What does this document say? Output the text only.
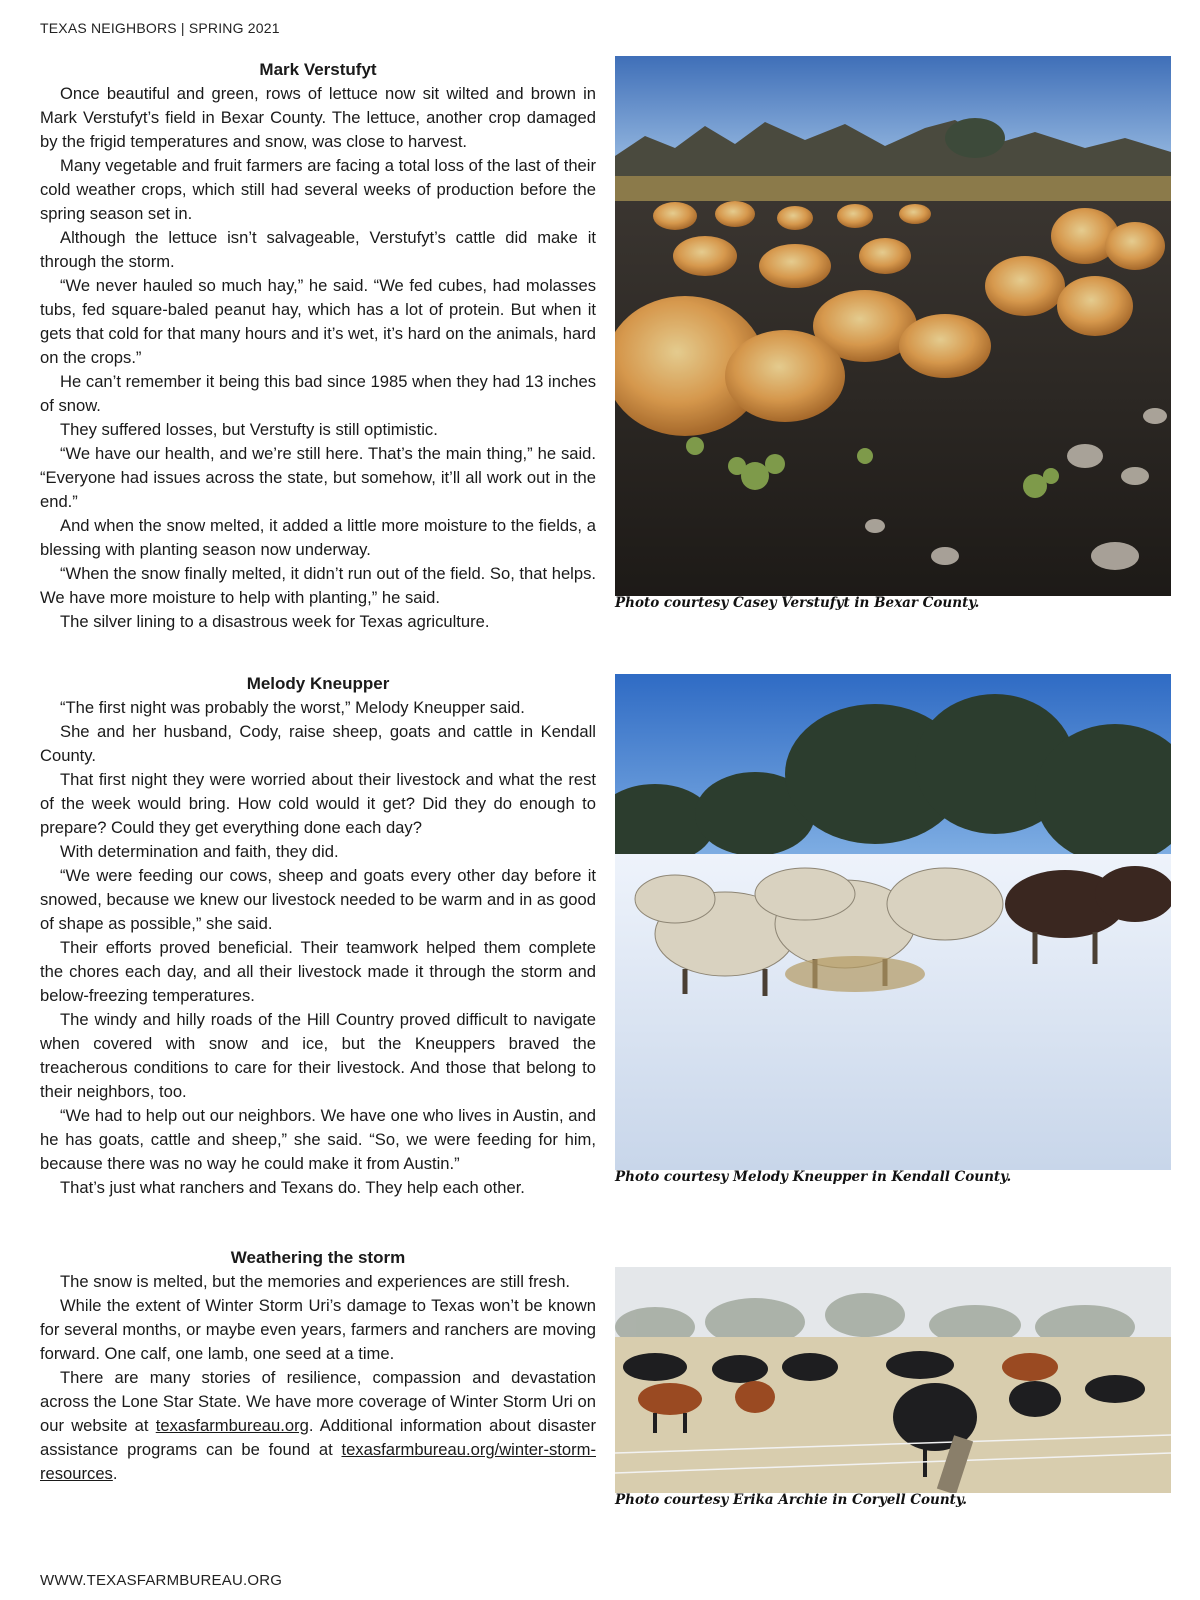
TEXAS NEIGHBORS | SPRING 2021
Mark Verstufyt

Once beautiful and green, rows of lettuce now sit wilted and brown in Mark Verstufyt’s field in Bexar County. The lettuce, another crop damaged by the frigid temperatures and snow, was close to harvest.

Many vegetable and fruit farmers are facing a total loss of the last of their cold weather crops, which still had several weeks of production before the spring season set in.

Although the lettuce isn’t salvageable, Verstufyt’s cattle did make it through the storm.

“We never hauled so much hay,” he said. “We fed cubes, had molasses tubs, fed square-baled peanut hay, which has a lot of protein. But when it gets that cold for that many hours and it’s wet, it’s hard on the animals, hard on the crops.”

He can’t remember it being this bad since 1985 when they had 13 inches of snow.

They suffered losses, but Verstufty is still optimistic.

“We have our health, and we’re still here. That’s the main thing,” he said. “Everyone had issues across the state, but somehow, it’ll all work out in the end.”

And when the snow melted, it added a little more moisture to the fields, a blessing with planting season now underway.

“When the snow finally melted, it didn’t run out of the field. So, that helps. We have more moisture to help with planting,” he said.

The silver lining to a disastrous week for Texas agriculture.

Photo courtesy Casey Verstufyt in Bexar County.
Melody Kneupper

“The first night was probably the worst,” Melody Kneupper said.

She and her husband, Cody, raise sheep, goats and cattle in Kendall County.

That first night they were worried about their livestock and what the rest of the week would bring. How cold would it get? Did they do enough to prepare? Could they get everything done each day?

With determination and faith, they did.

“We were feeding our cows, sheep and goats every other day before it snowed, because we knew our livestock needed to be warm and in as good of shape as possible,” she said.

Their efforts proved beneficial. Their teamwork helped them complete the chores each day, and all their livestock made it through the storm and below-freezing temperatures.

The windy and hilly roads of the Hill Country proved difficult to navigate when covered with snow and ice, but the Kneuppers braved the treacherous conditions to care for their livestock. And those that belong to their neighbors, too.

“We had to help out our neighbors. We have one who lives in Austin, and he has goats, cattle and sheep,” she said. “So, we were feeding for him, because there was no way he could make it from Austin.”

That’s just what ranchers and Texans do. They help each other.

Photo courtesy Melody Kneupper in Kendall County.
Weathering the storm

The snow is melted, but the memories and experiences are still fresh.

While the extent of Winter Storm Uri’s damage to Texas won’t be known for several months, or maybe even years, farmers and ranchers are moving forward. One calf, one lamb, one seed at a time.

There are many stories of resilience, compassion and devastation across the Lone Star State. We have more coverage of Winter Storm Uri on our website at texasfarmbureau.org. Additional information about disaster assistance programs can be found at texasfarmbureau.org/winter-storm-resources.

Photo courtesy Erika Archie in Coryell County.
WWW.TEXASFARMBUREAU.ORG
